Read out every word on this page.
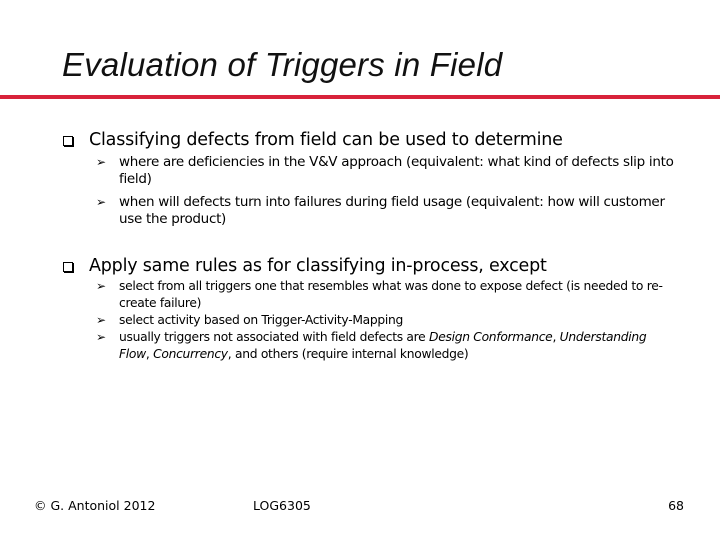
Evaluation of Triggers in Field
Classifying defects from field can be used to determine
➢ where are deficiencies in the V&V approach (equivalent: what kind of defects slip into field)
➢ when will defects turn into failures during field usage (equivalent: how will customer use the product)
Apply same rules as for classifying in-process, except
➢ select from all triggers one that resembles what was done to expose defect (is needed to re-create failure)
➢ select activity based on Trigger-Activity-Mapping
➢ usually triggers not associated with field defects are Design Conformance, Understanding Flow, Concurrency, and others (require internal knowledge)
© G. Antoniol 2012	LOG6305	68
